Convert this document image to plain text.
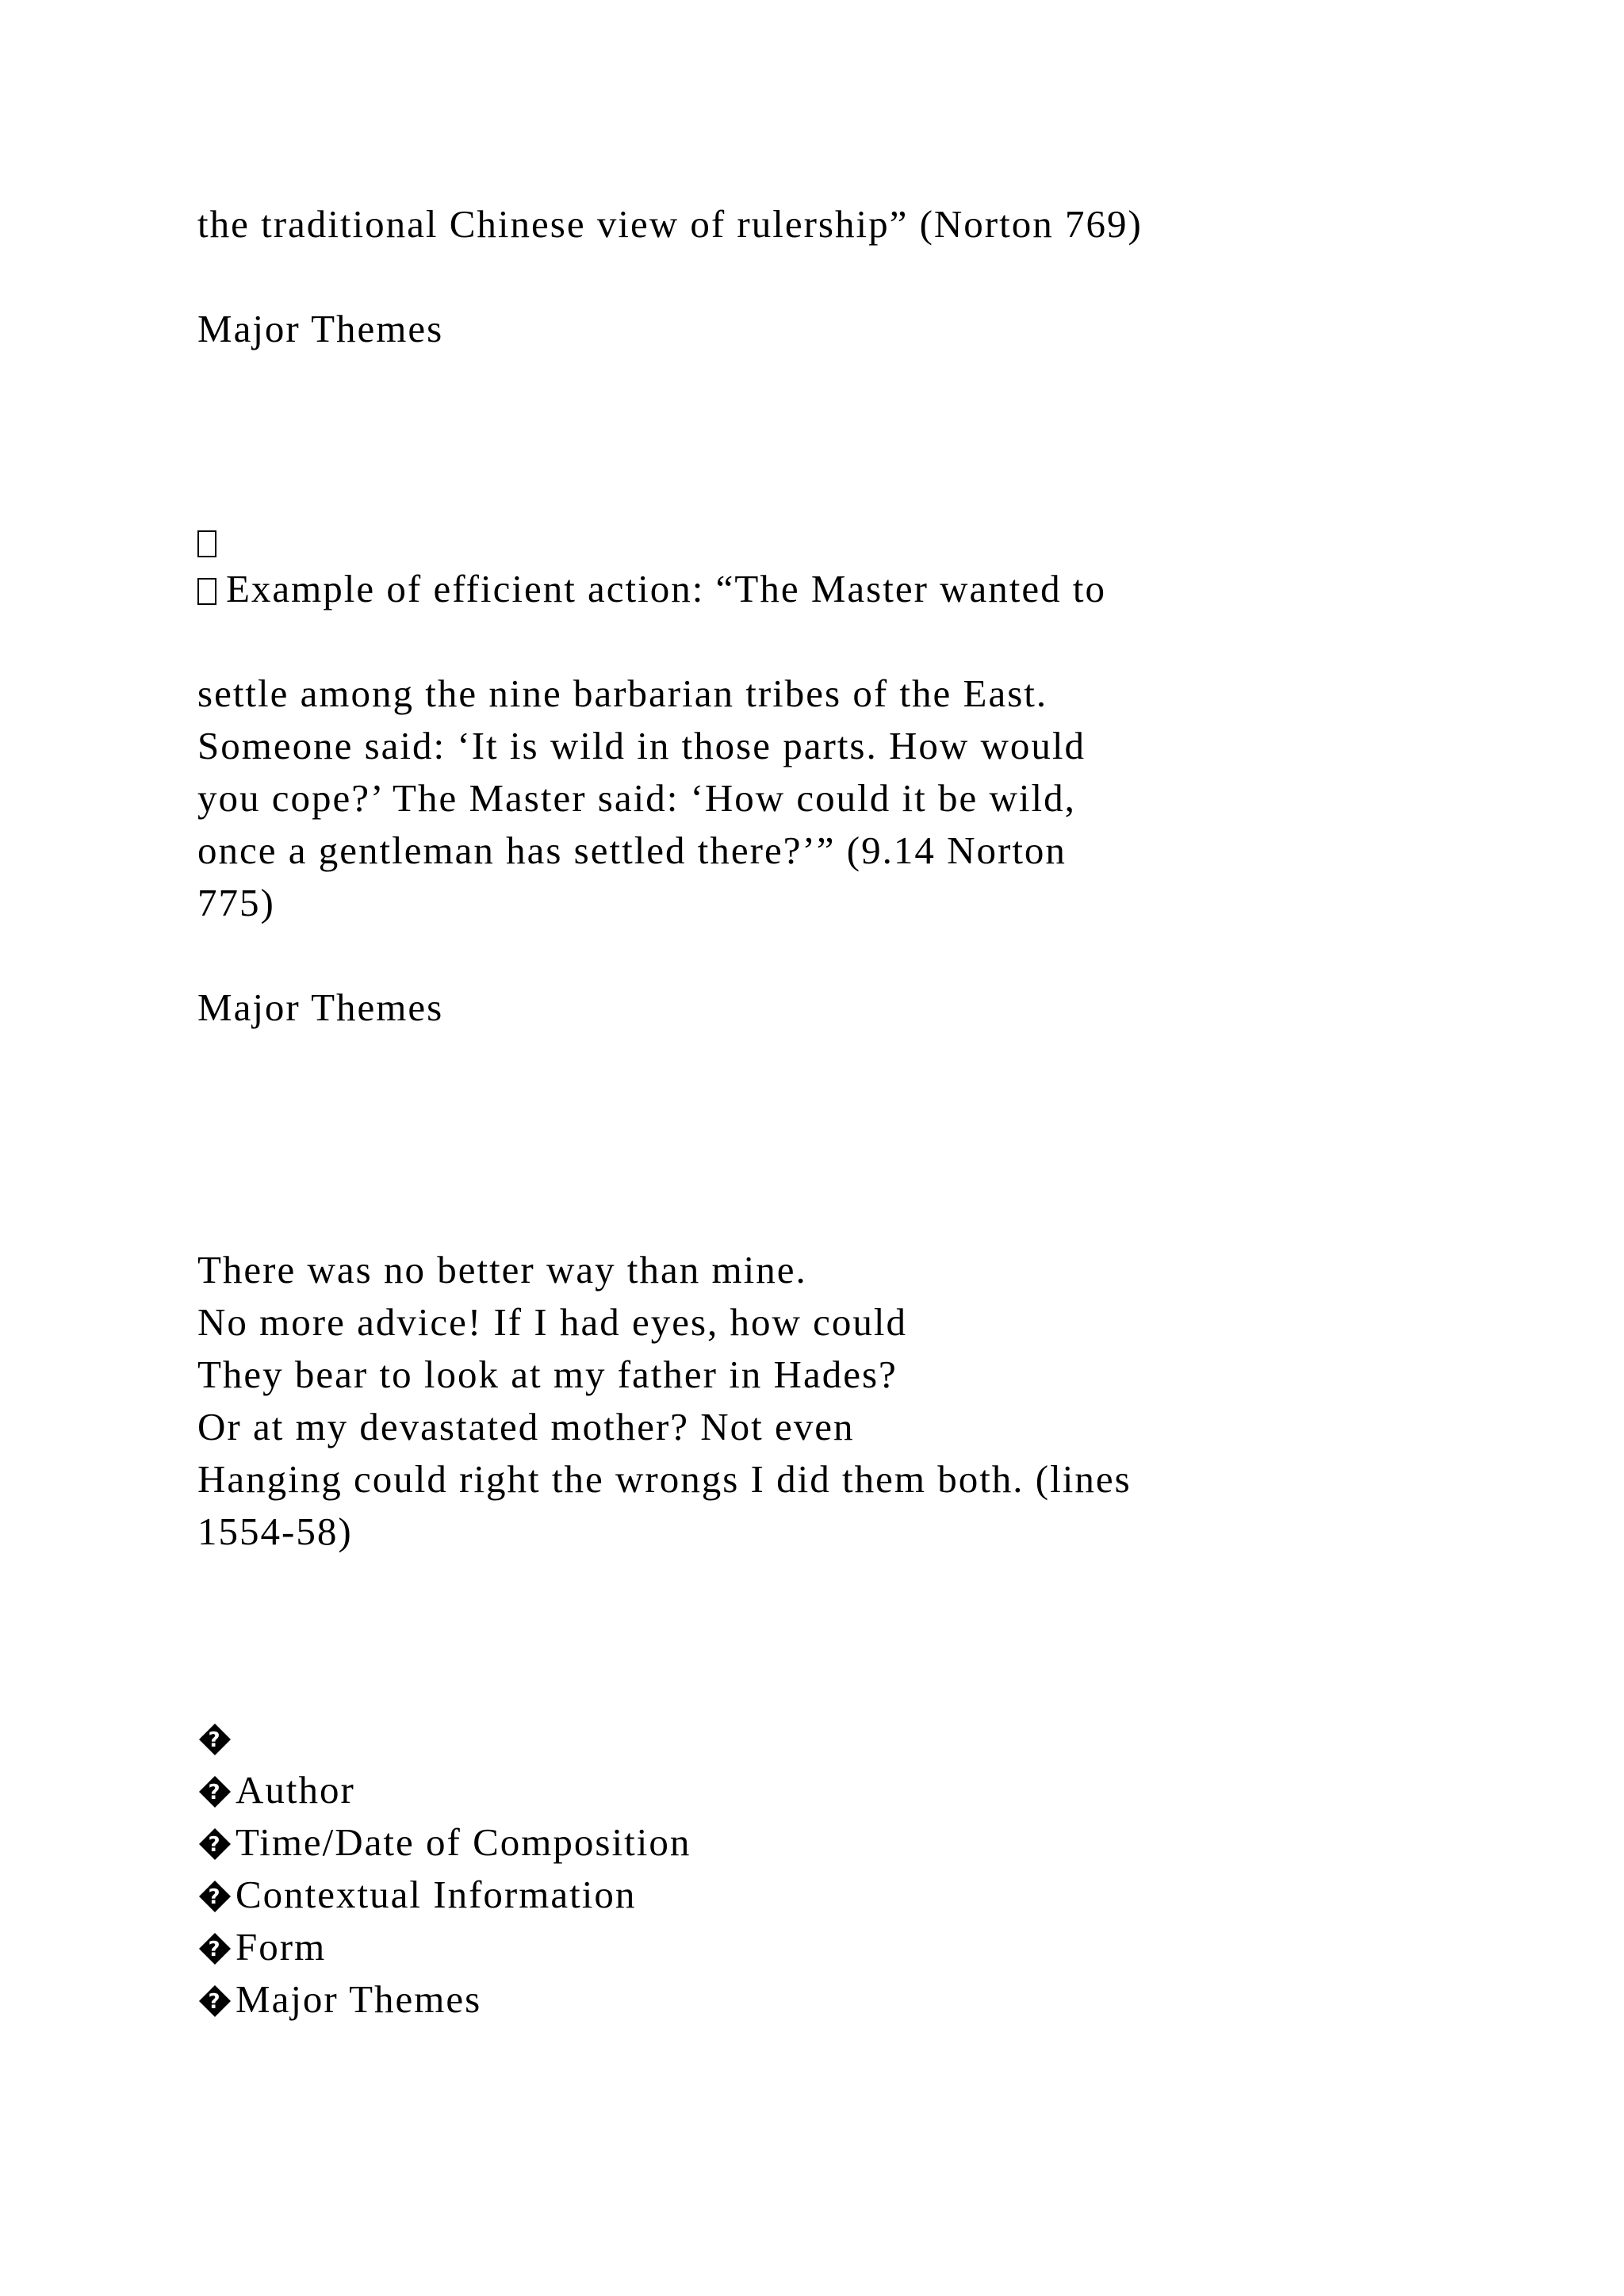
the traditional Chinese view of rulership” (Norton 769)
Major Themes
Example of efficient action: “The Master wanted to
settle among the nine barbarian tribes of the East.
Someone said: ‘It is wild in those parts. How would
you cope?’ The Master said: ‘How could it be wild,
once a gentleman has settled there?’” (9.14 Norton
775)
Major Themes
There was no better way than mine.
No more advice! If I had eyes, how could
They bear to look at my father in Hades?
Or at my devastated mother? Not even
Hanging could right the wrongs I did them both. (lines
1554-58)
?
? Author
? Time/Date of Composition
? Contextual Information
? Form
? Major Themes
